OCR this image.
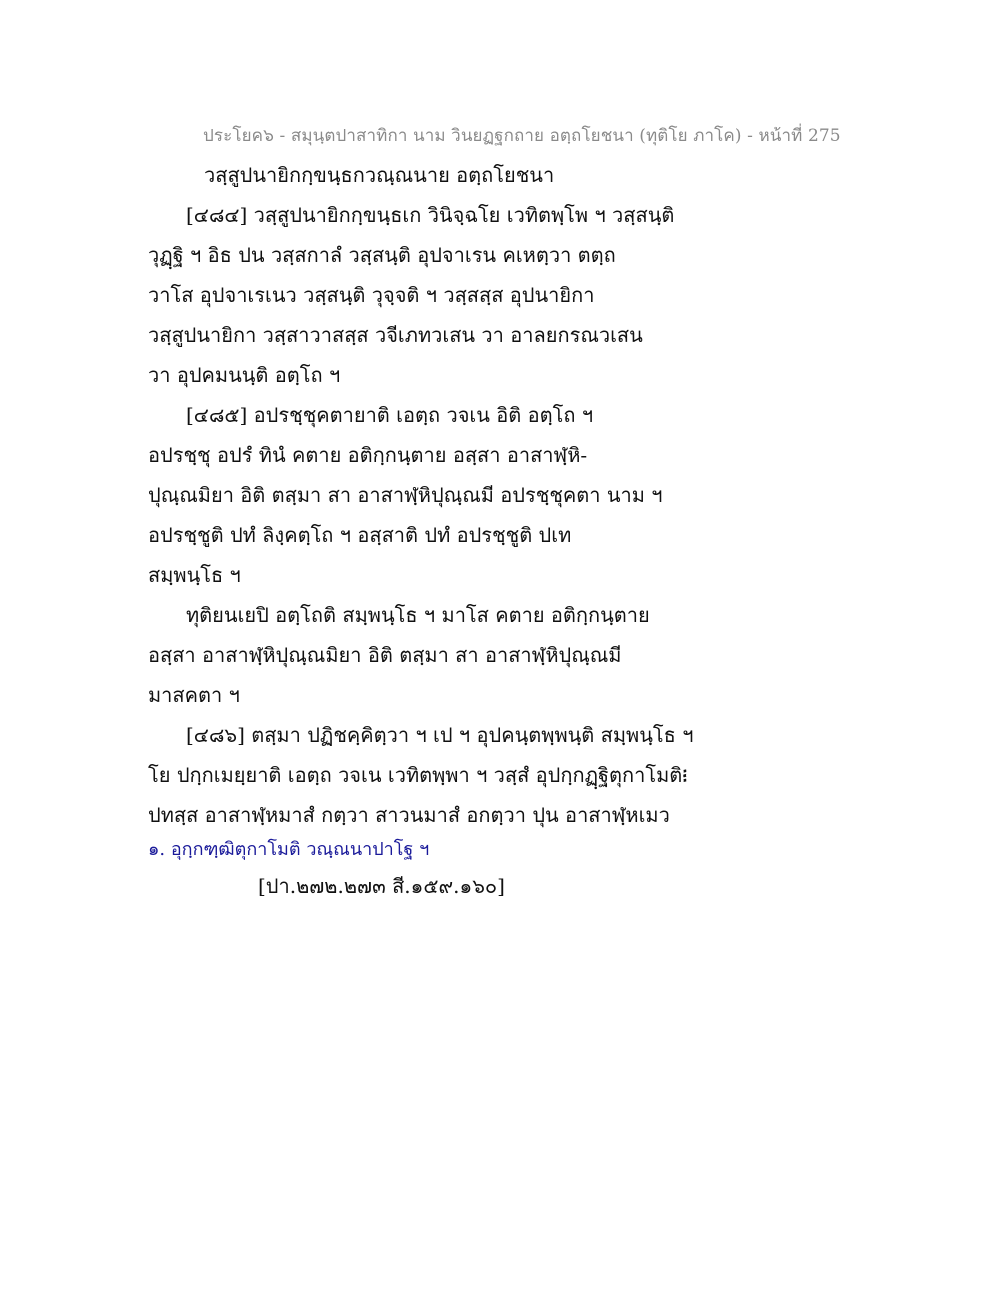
ประโยค๖ - สมุนฺตปาสาทิกา นาม วินยฏฐกถาย อตฺถโยชนา (ทุติโย ภาโค) - หน้าที่ 275
วสฺสูปนายิกกฺขนฺธกวณฺณนาย อตฺถโยชนา
[๔๘๔] วสฺสูปนายิกกฺขนฺธเก วินิจฺฉโย เวทิตพฺโพ ฯ วสฺสนฺติ
วุฏฺฐิ ฯ อิธ ปน วสฺสกาลํ วสฺสนฺติ อุปจาเรน คเหตฺวา ตตฺถ
วาโส อุปจาเรเนว วสฺสนฺติ วุจฺจติ ฯ วสฺสสฺส อุปนายิกา
วสฺสูปนายิกา วสฺสาวาสสฺส วจีเภทวเสน วา อาลยกรณวเสน
วา อุปคมนนฺติ อตฺโถ ฯ
[๔๘๕] อปรชฺชุคตายาติ เอตฺถ วจเน อิติ อตฺโถ ฯ
อปรชฺชุ อปรํ ทินํ คตาย อติกฺกนฺตาย อสฺสา อาสาฬฺหิ-
ปุณฺณมิยา อิติ ตสฺมา สา อาสาฬฺหิปุณฺณมี อปรชฺชุคตา นาม ฯ
อปรชฺชูติ ปทํ ลิงฺคตฺโถ ฯ อสฺสาติ ปทํ อปรชฺชูติ ปเท
สมฺพนฺโธ ฯ
ทุติยนเยปิ อตฺโถติ สมฺพนฺโธ ฯ มาโส คตาย อติกฺกนฺตาย
อสฺสา อาสาฬฺหิปุณฺณมิยา อิติ ตสฺมา สา อาสาฬฺหิปุณฺณมี
มาสคตา ฯ
[๔๘๖] ตสฺมา ปฏิชคฺคิตฺวา ฯ เป ฯ อุปคนฺตพฺพนฺติ สมฺพนฺโธ ฯ
โย ปกฺกเมยฺยาติ เอตฺถ วจเน เวทิตพฺพา ฯ วสฺสํ อุปกฺกฏฺฐิตุกาโมติ᎒
ปทสฺส อาสาฬฺหมาสํ กตฺวา สาวนมาสํ อกตฺวา ปุน อาสาฬฺหเมว
๑. อุกฺกฑฺฒิตุกาโมติ วณฺณนาปาโฐ ฯ
[ปา.๒๗๒.๒๗๓ สี.๑๕๙.๑๖๐]
